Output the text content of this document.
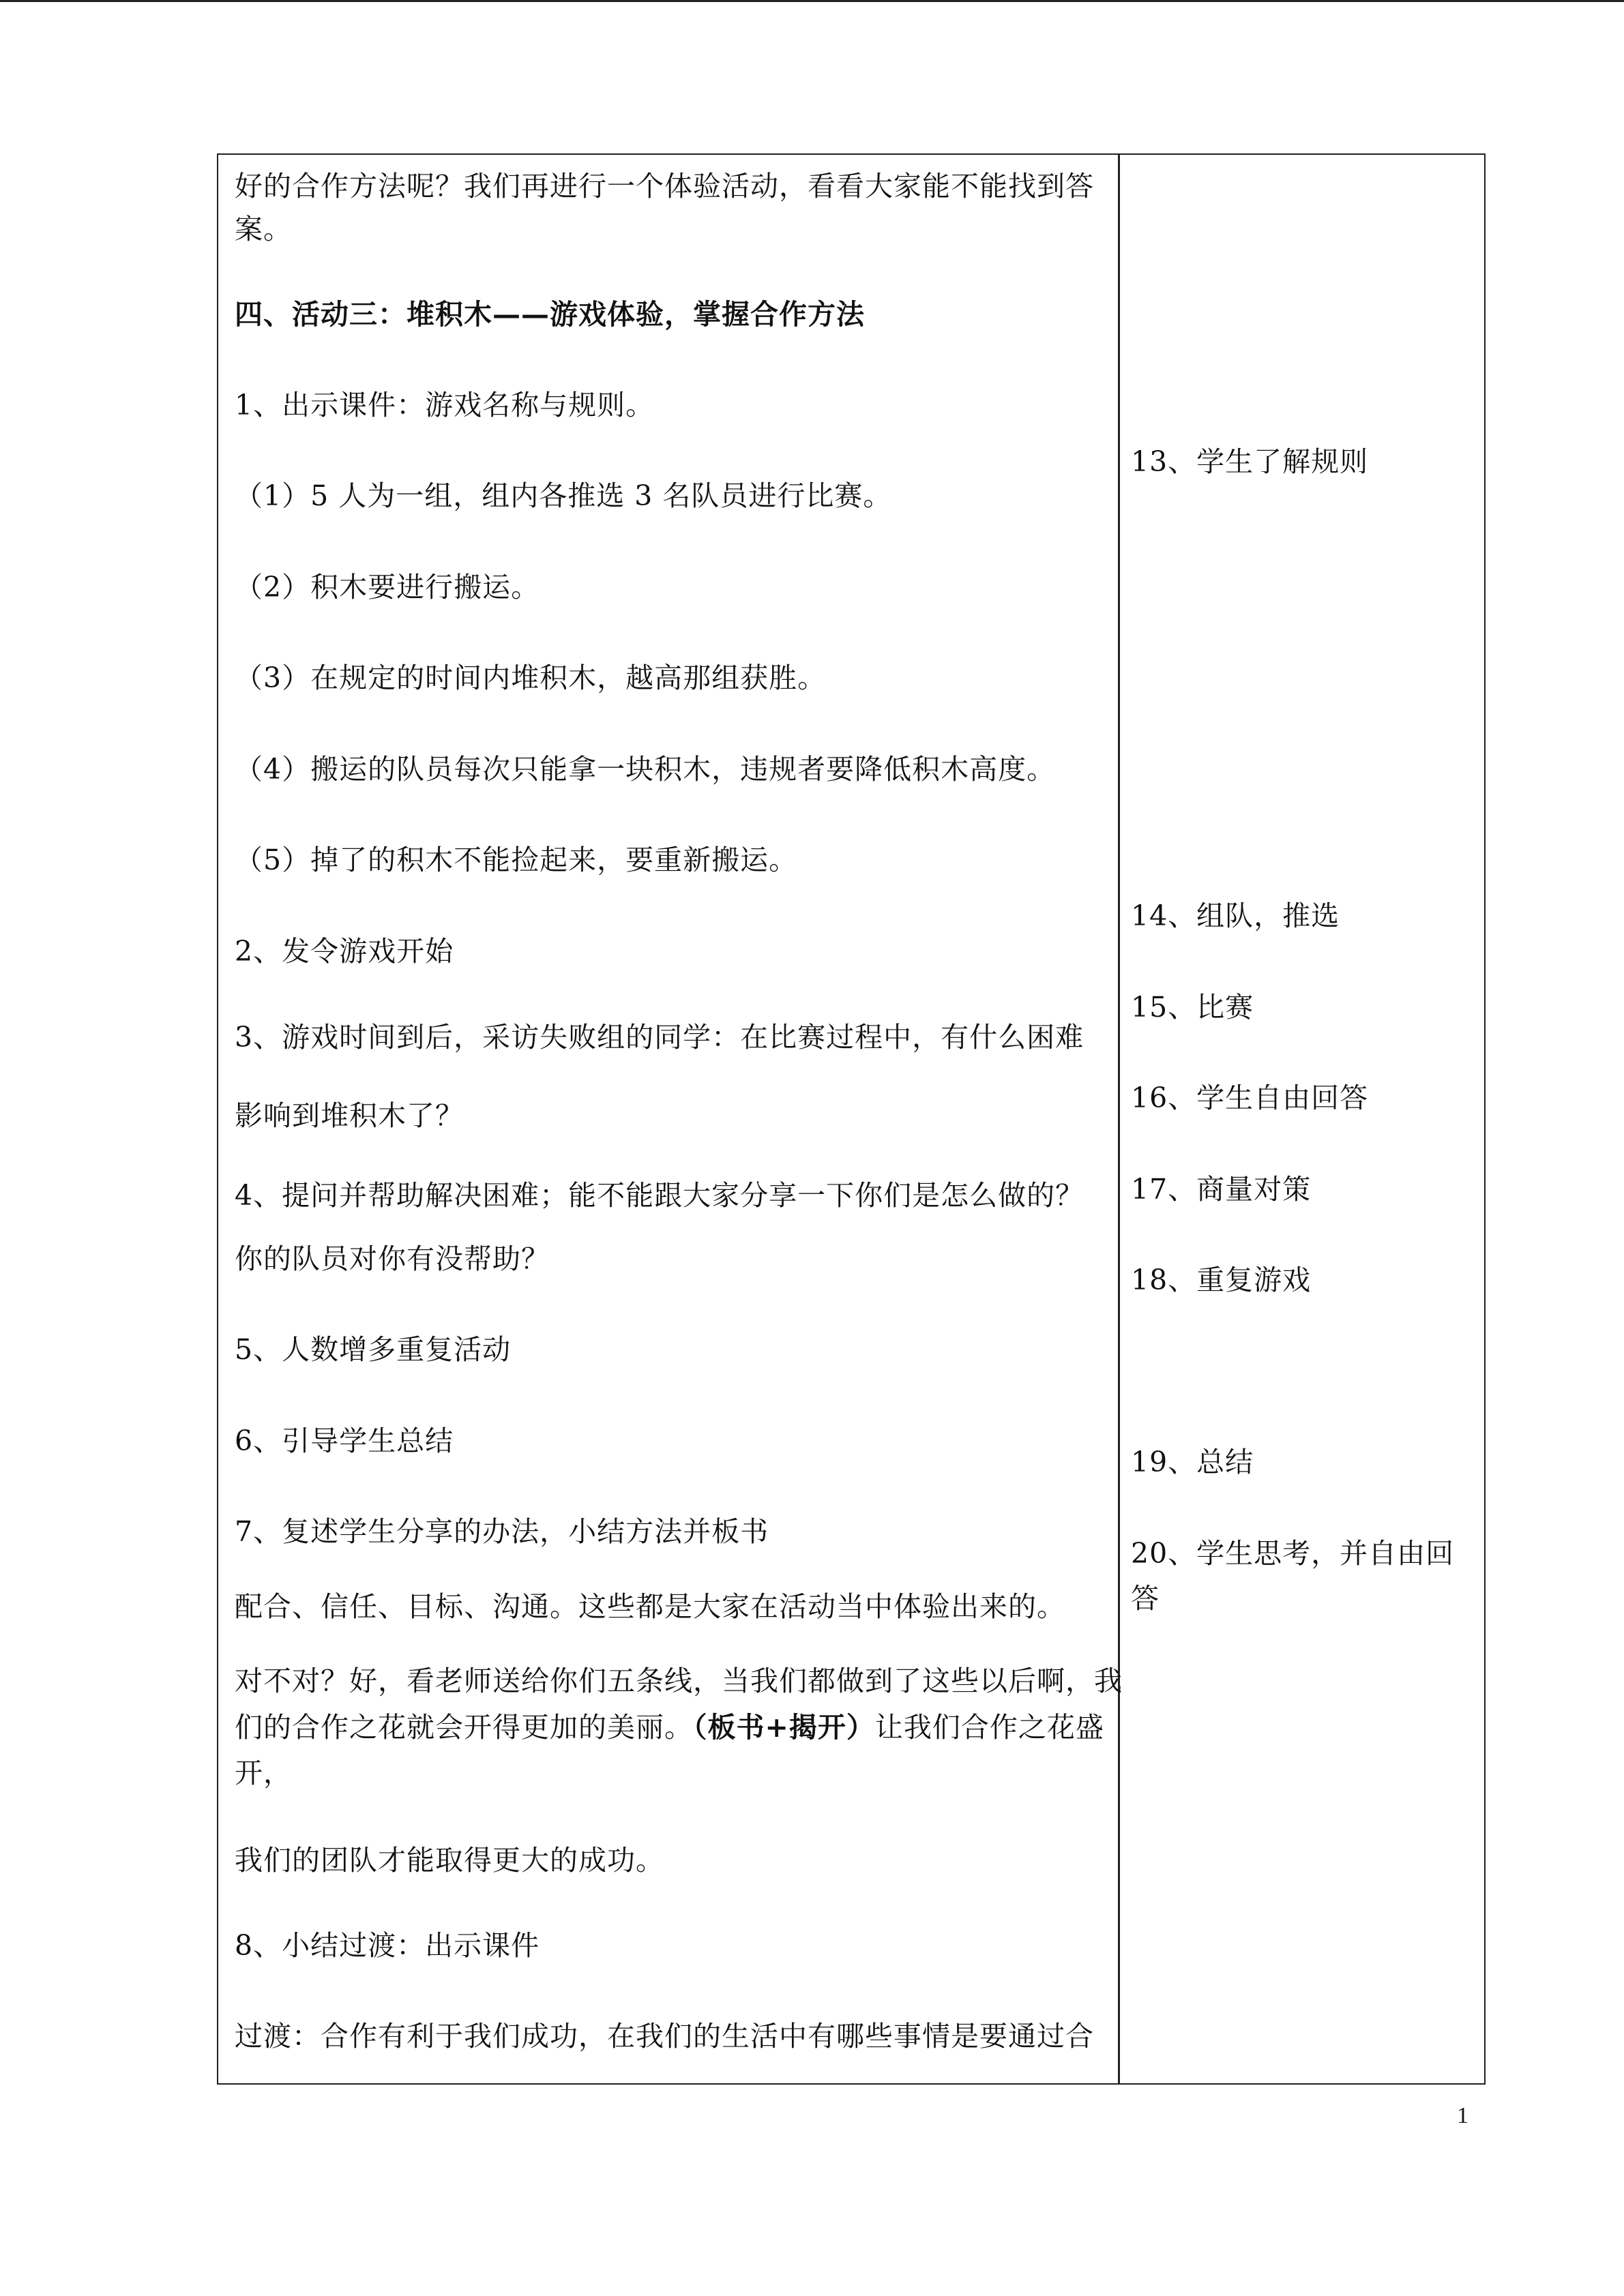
好的合作方法呢？我们再进行一个体验活动，看看大家能不能找到答
案。
四、活动三：堆积木——游戏体验，掌握合作方法
1、出示课件：游戏名称与规则。
（1）5 人为一组，组内各推选 3 名队员进行比赛。
（2）积木要进行搬运。
（3）在规定的时间内堆积木，越高那组获胜。
（4）搬运的队员每次只能拿一块积木，违规者要降低积木高度。
（5）掉了的积木不能捡起来，要重新搬运。
2、发令游戏开始
3、游戏时间到后，采访失败组的同学：在比赛过程中，有什么困难
影响到堆积木了？
4、提问并帮助解决困难；能不能跟大家分享一下你们是怎么做的？
你的队员对你有没帮助？
5、人数增多重复活动
6、引导学生总结
7、复述学生分享的办法，小结方法并板书
配合、信任、目标、沟通。这些都是大家在活动当中体验出来的。
对不对？好，看老师送给你们五条线，当我们都做到了这些以后啊，我
们的合作之花就会开得更加的美丽。（板书+揭开）让我们合作之花盛
开，
我们的团队才能取得更大的成功。
8、小结过渡：出示课件
过渡：合作有利于我们成功，在我们的生活中有哪些事情是要通过合
13、学生了解规则
14、组队，推选
15、比赛
16、学生自由回答
17、商量对策
18、重复游戏
19、总结
20、学生思考，并自由回
答
1
